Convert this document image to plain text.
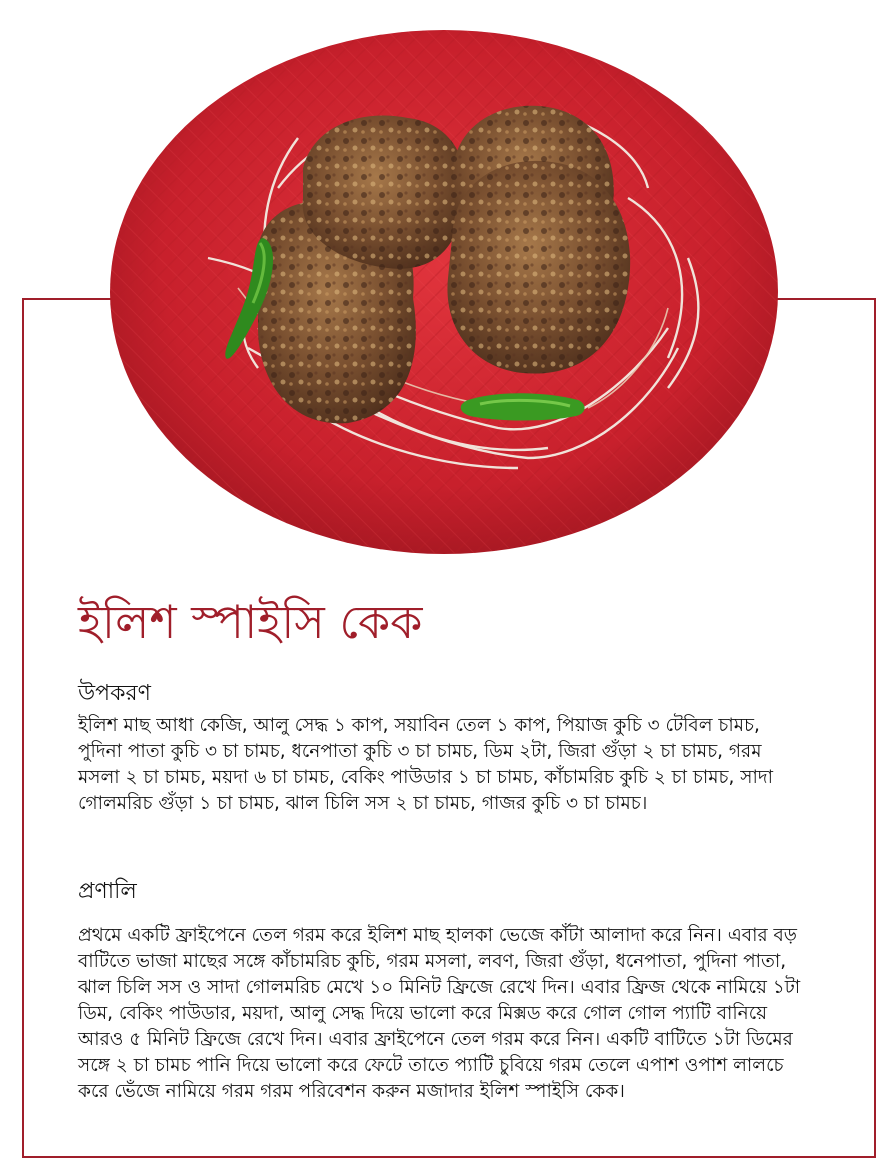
ইলিশ স্পাইসি কেক
উপকরণ

ইলিশ মাছ আধা কেজি, আলু সেদ্ধ ১ কাপ, সয়াবিন তেল ১ কাপ, পিয়াজ কুচি ৩ টেবিল চামচ, পুদিনা পাতা কুচি ৩ চা চামচ, ধনেপাতা কুচি ৩ চা চামচ, ডিম ২টা, জিরা গুঁড়া ২ চা চামচ, গরম মসলা ২ চা চামচ, ময়দা ৬ চা চামচ, বেকিং পাউডার ১ চা চামচ, কাঁচামরিচ কুচি ২ চা চামচ, সাদা গোলমরিচ গুঁড়া ১ চা চামচ, ঝাল চিলি সস ২ চা চামচ, গাজর কুচি ৩ চা চামচ।

প্রণালি

প্রথমে একটি ফ্রাইপেনে তেল গরম করে ইলিশ মাছ হালকা ভেজে কাঁটা আলাদা করে নিন। এবার বড় বাটিতে ভাজা মাছের সঙ্গে কাঁচামরিচ কুচি, গরম মসলা, লবণ, জিরা গুঁড়া, ধনেপাতা, পুদিনা পাতা, ঝাল চিলি সস ও সাদা গোলমরিচ মেখে ১০ মিনিট ফ্রিজে রেখে দিন। এবার ফ্রিজ থেকে নামিয়ে ১টা ডিম, বেকিং পাউডার, ময়দা, আলু সেদ্ধ দিয়ে ভালো করে মিক্সড করে গোল গোল প্যাটি বানিয়ে আরও ৫ মিনিট ফ্রিজে রেখে দিন। এবার ফ্রাইপেনে তেল গরম করে নিন। একটি বাটিতে ১টা ডিমের সঙ্গে ২ চা চামচ পানি দিয়ে ভালো করে ফেটে তাতে প্যাটি চুবিয়ে গরম তেলে এপাশ ওপাশ লালচে করে ভেঁজে নামিয়ে গরম গরম পরিবেশন করুন মজাদার ইলিশ স্পাইসি কেক।
